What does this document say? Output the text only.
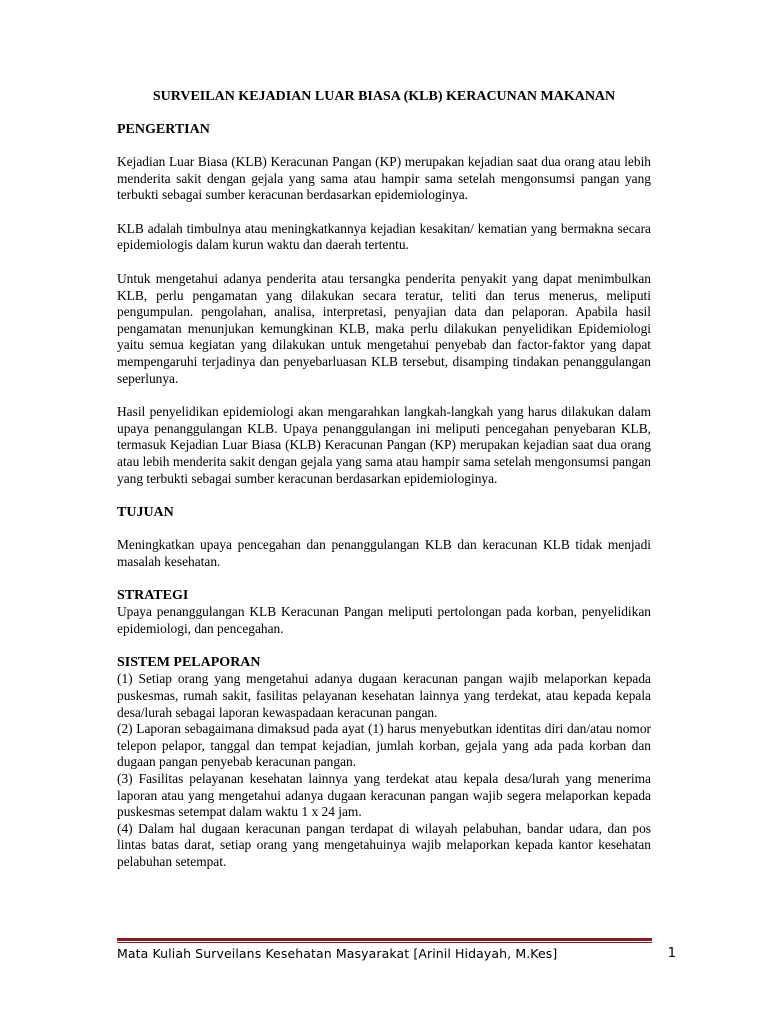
SURVEILAN KEJADIAN LUAR BIASA (KLB) KERACUNAN MAKANAN
PENGERTIAN

Kejadian Luar Biasa (KLB) Keracunan Pangan (KP) merupakan kejadian saat dua orang atau lebih menderita sakit dengan gejala yang sama atau hampir sama setelah mengonsumsi pangan yang terbukti sebagai sumber keracunan berdasarkan epidemiologinya.

KLB adalah timbulnya atau meningkatkannya kejadian kesakitan/ kematian yang bermakna secara epidemiologis dalam kurun waktu dan daerah tertentu.

Untuk mengetahui adanya penderita atau tersangka penderita penyakit yang dapat menimbulkan KLB, perlu pengamatan yang dilakukan secara teratur, teliti dan terus menerus, meliputi pengumpulan. pengolahan, analisa, interpretasi, penyajian data dan pelaporan. Apabila hasil pengamatan menunjukan kemungkinan KLB, maka perlu dilakukan penyelidikan Epidemiologi yaitu semua kegiatan yang dilakukan untuk mengetahui penyebab dan factor-faktor yang dapat mempengaruhi terjadinya dan penyebarluasan KLB tersebut, disamping tindakan penanggulangan seperlunya.

Hasil penyelidikan epidemiologi akan mengarahkan langkah-langkah yang harus dilakukan dalam upaya penanggulangan KLB. Upaya penanggulangan ini meliputi pencegahan penyebaran KLB, termasuk Kejadian Luar Biasa (KLB) Keracunan Pangan (KP) merupakan kejadian saat dua orang atau lebih menderita sakit dengan gejala yang sama atau hampir sama setelah mengonsumsi pangan yang terbukti sebagai sumber keracunan berdasarkan epidemiologinya.

TUJUAN

Meningkatkan upaya pencegahan dan penanggulangan KLB dan keracunan KLB tidak menjadi masalah kesehatan.

STRATEGI

Upaya penanggulangan KLB Keracunan Pangan meliputi pertolongan pada korban, penyelidikan epidemiologi, dan pencegahan.

SISTEM PELAPORAN
(1) Setiap orang yang mengetahui adanya dugaan keracunan pangan wajib melaporkan kepada puskesmas, rumah sakit, fasilitas pelayanan kesehatan lainnya yang terdekat, atau kepada kepala desa/lurah sebagai laporan kewaspadaan keracunan pangan.
(2) Laporan sebagaimana dimaksud pada ayat (1) harus menyebutkan identitas diri dan/atau nomor telepon pelapor, tanggal dan tempat kejadian, jumlah korban, gejala yang ada pada korban dan dugaan pangan penyebab keracunan pangan.
(3) Fasilitas pelayanan kesehatan lainnya yang terdekat atau kepala desa/lurah yang menerima laporan atau yang mengetahui adanya dugaan keracunan pangan wajib segera melaporkan kepada puskesmas setempat dalam waktu 1 x 24 jam.
(4) Dalam hal dugaan keracunan pangan terdapat di wilayah pelabuhan, bandar udara, dan pos lintas batas darat, setiap orang yang mengetahuinya wajib melaporkan kepada kantor kesehatan pelabuhan setempat.
Mata Kuliah Surveilans Kesehatan Masyarakat [Arinil Hidayah, M.Kes]	1
